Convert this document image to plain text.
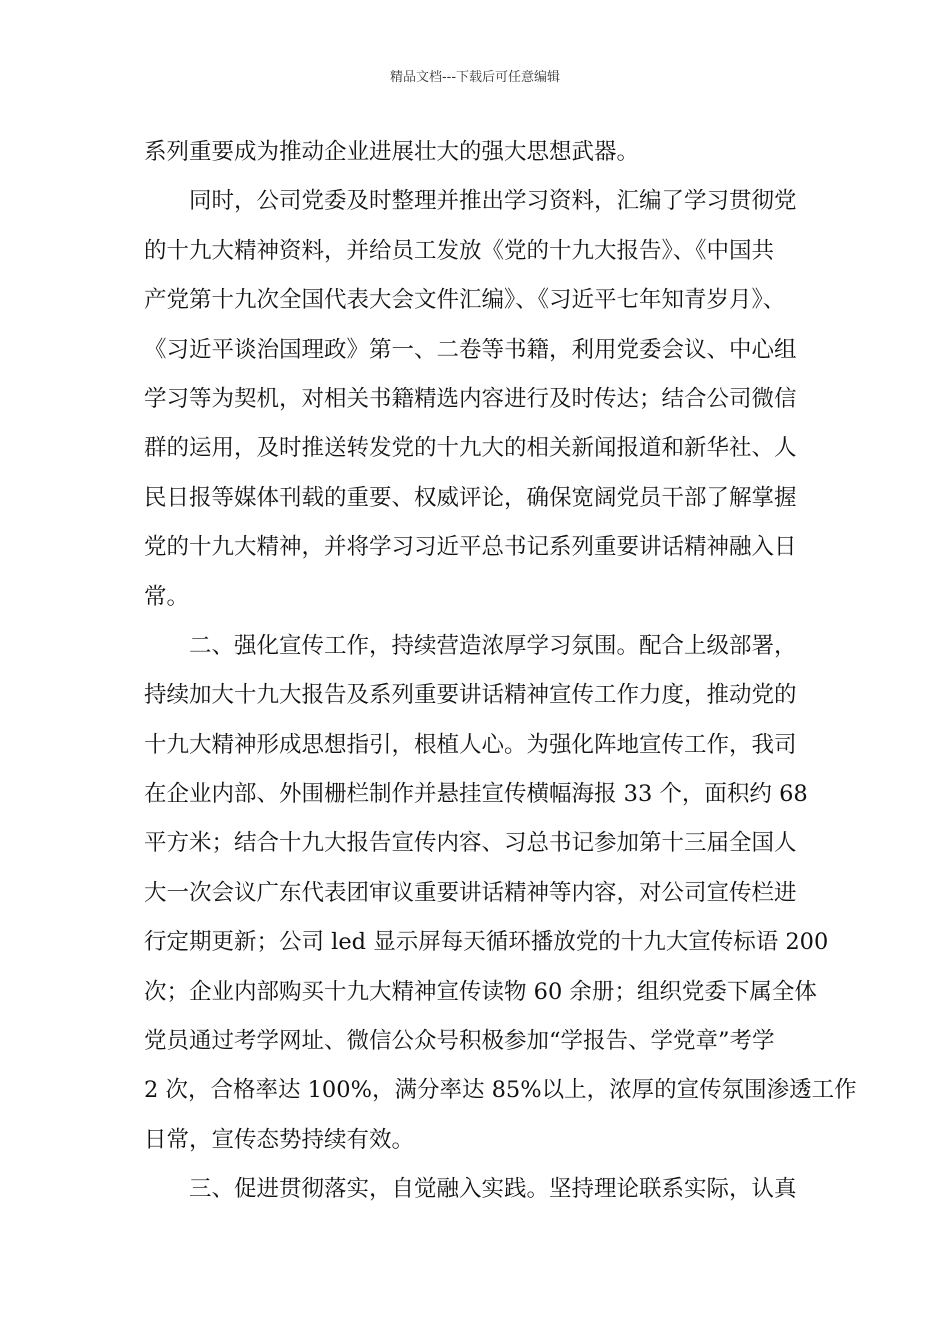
精品文档---下载后可任意编辑
系列重要成为推动企业进展壮大的强大思想武器。
　　同时，公司党委及时整理并推出学习资料，汇编了学习贯彻党
的十九大精神资料，并给员工发放《党的十九大报告》、《中国共
产党第十九次全国代表大会文件汇编》、《习近平七年知青岁月》、
《习近平谈治国理政》第一、二卷等书籍，利用党委会议、中心组
学习等为契机，对相关书籍精选内容进行及时传达；结合公司微信
群的运用，及时推送转发党的十九大的相关新闻报道和新华社、人
民日报等媒体刊载的重要、权威评论，确保宽阔党员干部了解掌握
党的十九大精神，并将学习习近平总书记系列重要讲话精神融入日
常。
　　二、强化宣传工作，持续营造浓厚学习氛围。配合上级部署，
持续加大十九大报告及系列重要讲话精神宣传工作力度，推动党的
十九大精神形成思想指引，根植人心。为强化阵地宣传工作，我司
在企业内部、外围栅栏制作并悬挂宣传横幅海报 33 个，面积约 68
平方米；结合十九大报告宣传内容、习总书记参加第十三届全国人
大一次会议广东代表团审议重要讲话精神等内容，对公司宣传栏进
行定期更新；公司 led 显示屏每天循环播放党的十九大宣传标语 200
次；企业内部购买十九大精神宣传读物 60 余册；组织党委下属全体
党员通过考学网址、微信公众号积极参加“学报告、学党章”考学
2 次，合格率达 100%，满分率达 85%以上，浓厚的宣传氛围渗透工作
日常，宣传态势持续有效。
　　三、促进贯彻落实，自觉融入实践。坚持理论联系实际，认真
